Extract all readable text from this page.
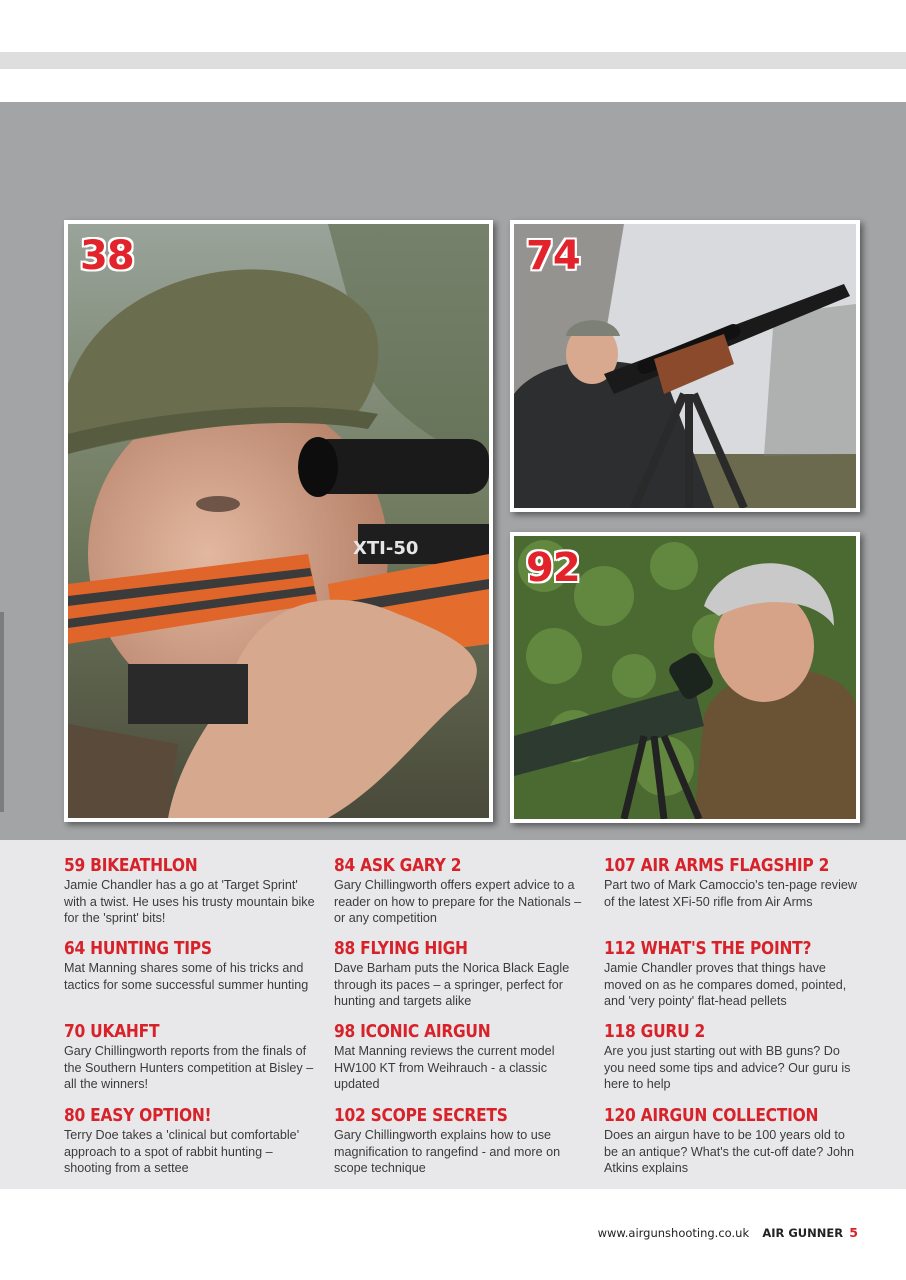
XTI-50
38	74
92
59 BIKEATHLON

Jamie Chandler has a go at 'Target Sprint' with a twist. He uses his trusty mountain bike for the 'sprint' bits!

64 HUNTING TIPS

Mat Manning shares some of his tricks and tactics for some successful summer hunting

70 UKAHFT

Gary Chillingworth reports from the finals of the Southern Hunters competition at Bisley – all the winners!

80 EASY OPTION!

Terry Doe takes a 'clinical but comfortable' approach to a spot of rabbit hunting – shooting from a settee

84 ASK GARY 2

Gary Chillingworth offers expert advice to a reader on how to prepare for the Nationals – or any competition

88 FLYING HIGH

Dave Barham puts the Norica Black Eagle through its paces – a springer, perfect for hunting and targets alike

98 ICONIC AIRGUN

Mat Manning reviews the current model HW100 KT from Weihrauch - a classic updated

102 SCOPE SECRETS

Gary Chillingworth explains how to use magnification to rangefind - and more on scope technique

107 AIR ARMS FLAGSHIP 2

Part two of Mark Camoccio's ten-page review of the latest XFi-50 rifle from Air Arms

112 WHAT'S THE POINT?

Jamie Chandler proves that things have moved on as he compares domed, pointed, and 'very pointy' flat-head pellets

118 GURU 2

Are you just starting out with BB guns? Do you need some tips and advice? Our guru is here to help

120 AIRGUN COLLECTION

Does an airgun have to be 100 years old to be an antique? What's the cut-off date? John Atkins explains

www.airgunshooting.co.uk AIR GUNNER 5
